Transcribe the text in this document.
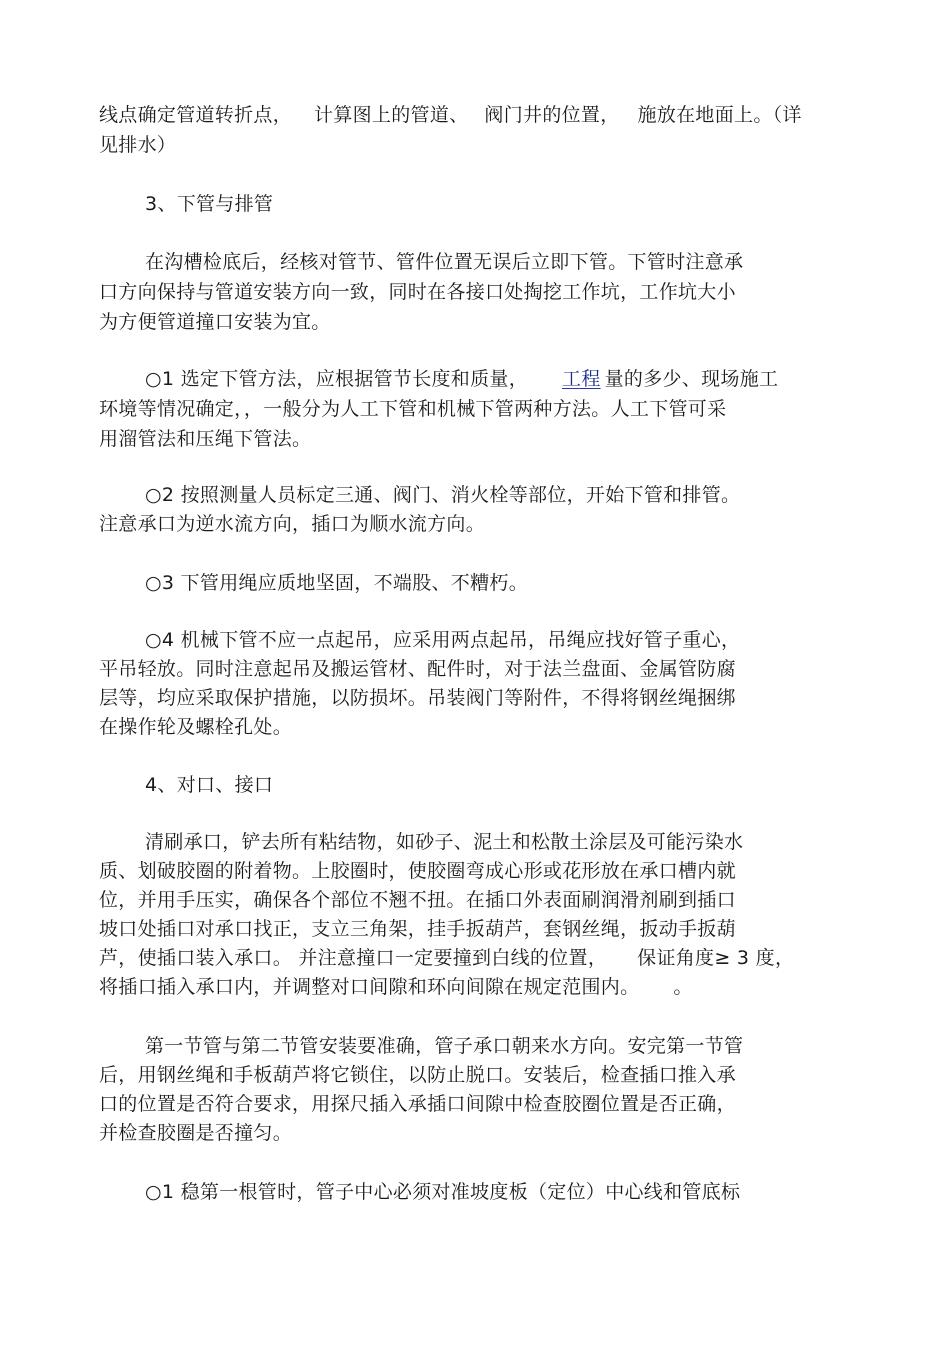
线点确定管道转折点， 计算图上的管道、 阀门井的位置， 施放在地面上。（详
见排水）
3、下管与排管
在沟槽检底后，经核对管节、管件位置无误后立即下管。下管时注意承
口方向保持与管道安装方向一致，同时在各接口处掏挖工作坑，工作坑大小
为方便管道撞口安装为宜。
○1 选定下管方法，应根据管节长度和质量， 工程 量的多少、现场施工
环境等情况确定，，一般分为人工下管和机械下管两种方法。人工下管可采
用溜管法和压绳下管法。
○2 按照测量人员标定三通、阀门、消火栓等部位，开始下管和排管。
注意承口为逆水流方向，插口为顺水流方向。
○3 下管用绳应质地坚固，不端股、不糟朽。
○4 机械下管不应一点起吊，应采用两点起吊，吊绳应找好管子重心，
平吊轻放。同时注意起吊及搬运管材、配件时，对于法兰盘面、金属管防腐
层等，均应采取保护措施，以防损坏。吊装阀门等附件，不得将钢丝绳捆绑
在操作轮及螺栓孔处。
4、对口、接口
清刷承口，铲去所有粘结物，如砂子、泥土和松散土涂层及可能污染水
质、划破胶圈的附着物。上胶圈时，使胶圈弯成心形或花形放在承口槽内就
位，并用手压实，确保各个部位不翘不扭。在插口外表面刷润滑剂刷到插口
坡口处插口对承口找正，支立三角架，挂手扳葫芦，套钢丝绳，扳动手扳葫
芦，使插口装入承口。 并注意撞口一定要撞到白线的位置， 保证角度≥ 3 度，
将插口插入承口内，并调整对口间隙和环向间隙在规定范围内。 。
第一节管与第二节管安装要准确，管子承口朝来水方向。安完第一节管
后，用钢丝绳和手板葫芦将它锁住，以防止脱口。安装后，检查插口推入承
口的位置是否符合要求，用探尺插入承插口间隙中检查胶圈位置是否正确，
并检查胶圈是否撞匀。
○1 稳第一根管时，管子中心必须对准坡度板（定位）中心线和管底标
